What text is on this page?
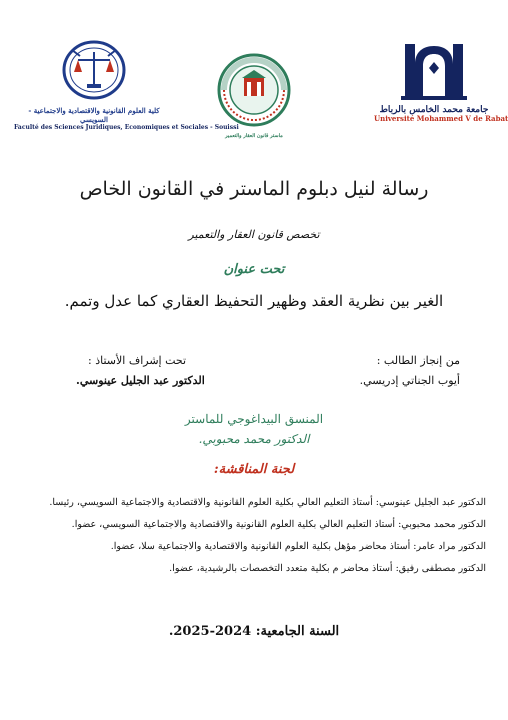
كلية العلوم القانونية والاقتصادية والاجتماعية - السويسي
Faculté des Sciences Juridiques, Economiques et Sociales - Souissi
ماستر قانون العقار والتعمير
جامعة محمد الخامس بالرباط
Université Mohammed V de Rabat
رسالة لنيل دبلوم الماستر في القانون الخاص
تخصص قانون العقار والتعمير
تحت عنوان
الغير بين نظرية العقد وظهير التحفيظ العقاري كما عدل وتمم.
من إنجاز الطالب :
أيوب الجناتي إدريسي.
تحت إشراف الأستاذ :
الدكتور عبد الجليل عينوسي.
المنسق البيداغوجي للماستر
الدكتور محمد محبوبي.
لجنة المناقشة:
الدكتور عبد الجليل عينوسي: أستاذ التعليم العالي بكلية العلوم القانونية والاقتصادية والاجتماعية السويسي، رئيسا.
الدكتور محمد محبوبي: أستاذ التعليم العالي بكلية العلوم القانونية والاقتصادية والاجتماعية السويسي، عضوا.
الدكتور مراد عامر: أستاذ محاضر مؤهل بكلية العلوم القانونية والاقتصادية والاجتماعية سلا، عضوا.
الدكتور مصطفى رفيق: أستاذ محاضر م بكلية متعدد التخصصات بالرشيدية، عضوا.
السنة الجامعية: 2024-2025.
